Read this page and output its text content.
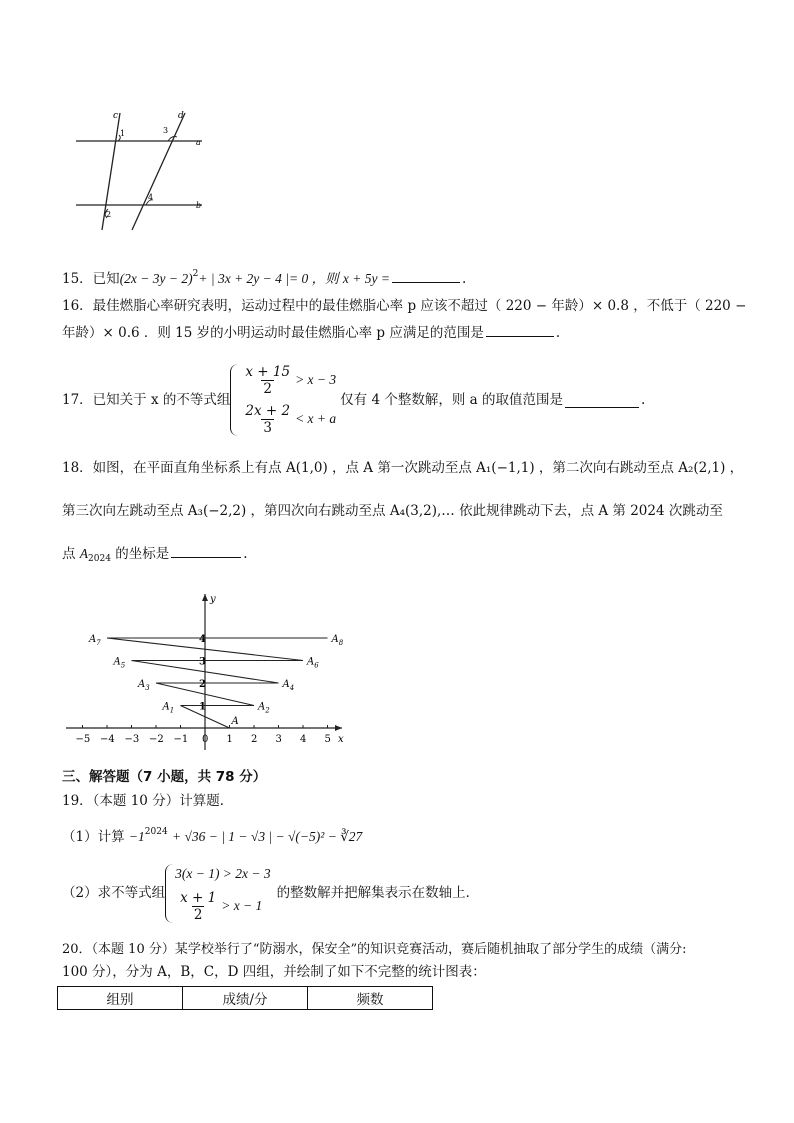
c	d
a
b
1
2
3
4
15．已知$(2x - 3y - 2)^2+$ | 3x + 2y − 4 |= 0 ，则 x + 5y =	.
16．最佳燃脂心率研究表明，运动过程中的最佳燃脂心率 p 应该不超过（ 220 − 年龄）× 0.8 ，不低于（ 220 −
年龄）× 0.6 ．则 15 岁的小明运动时最佳燃脂心率 p 应满足的范围是	.
17．已知关于 x 的不等式组
$\frac{x + 15}{2} > x - 3$
$\frac{2x + 2}{3} < x + a$
仅有 4 个整数解，则 a 的取值范围是	.
18．如图，在平面直角坐标系上有点 A(1,0) ，点 A 第一次跳动至点 A₁(−1,1) ，第二次向右跳动至点 A₂(2,1) ，
第三次向左跳动至点 A₃(−2,2) ，第四次向右跳动至点 A₄(3,2),… 依此规律跳动下去，点 A 第 2024 次跳动至
点 $A_{2024}$ 的坐标是	.
x
y
−5 −4 −3 −2 −1 0 1 2 3 4 5
1
2
3
4
A
$A_1$	$A_2$
$A_3$	$A_4$
$A_5$	$A_6$
$A_7$	$A_8$
三、解答题（7 小题，共 78 分）
19．（本题 10 分）计算题．
（1）计算 $-1^{2024} + √36$ − | 1 − √3 | − √(−5)² − ∛27
（2）求不等式组
3(x − 1) > 2x − 3
$\frac{x + 1}{2} > x - 1$
的整数解并把解集表示在数轴上．
20．（本题 10 分）某学校举行了“防溺水，保安全”的知识竞赛活动，赛后随机抽取了部分学生的成绩（满分:
100 分），分为 A，B，C，D 四组，并绘制了如下不完整的统计图表：
组别	成绩/分	频数
